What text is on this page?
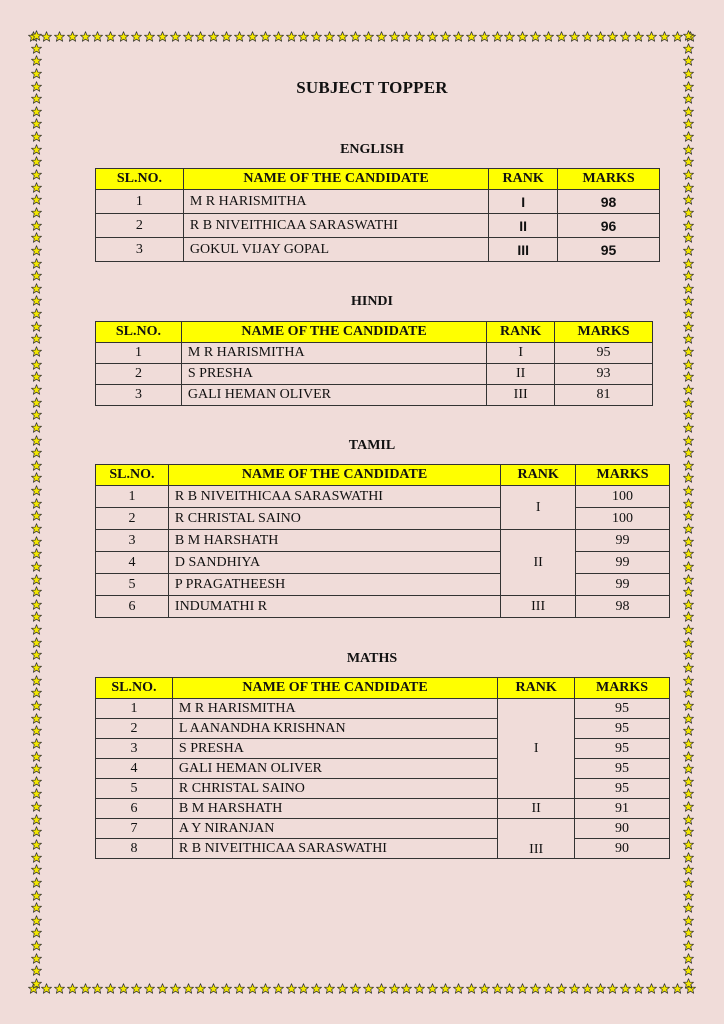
SUBJECT TOPPER
ENGLISH
SL.NO.	NAME OF THE CANDIDATE	RANK	MARKS
1	M R HARISMITHA	I	98
2	R B NIVEITHICAA SARASWATHI	II	96
3	GOKUL VIJAY GOPAL	III	95
HINDI
SL.NO.	NAME OF THE CANDIDATE	RANK	MARKS
1	M R HARISMITHA	I	95
2	S PRESHA	II	93
3	GALI HEMAN OLIVER	III	81
TAMIL
SL.NO.	NAME OF THE CANDIDATE	RANK	MARKS
1	R B NIVEITHICAA SARASWATHI	I	100
2	R CHRISTAL SAINO		100
3	B M HARSHATH	II	99
4	D SANDHIYA		99
5	P PRAGATHEESH		99
6	INDUMATHI R	III	98
MATHS
SL.NO.	NAME OF THE CANDIDATE	RANK	MARKS
1	M R HARISMITHA	I	95
2	L AANANDHA KRISHNAN		95
3	S PRESHA		95
4	GALI HEMAN OLIVER		95
5	R CHRISTAL SAINO		95
6	B M HARSHATH	II	91
7	A Y NIRANJAN	III	90
8	R B NIVEITHICAA SARASWATHI		90
